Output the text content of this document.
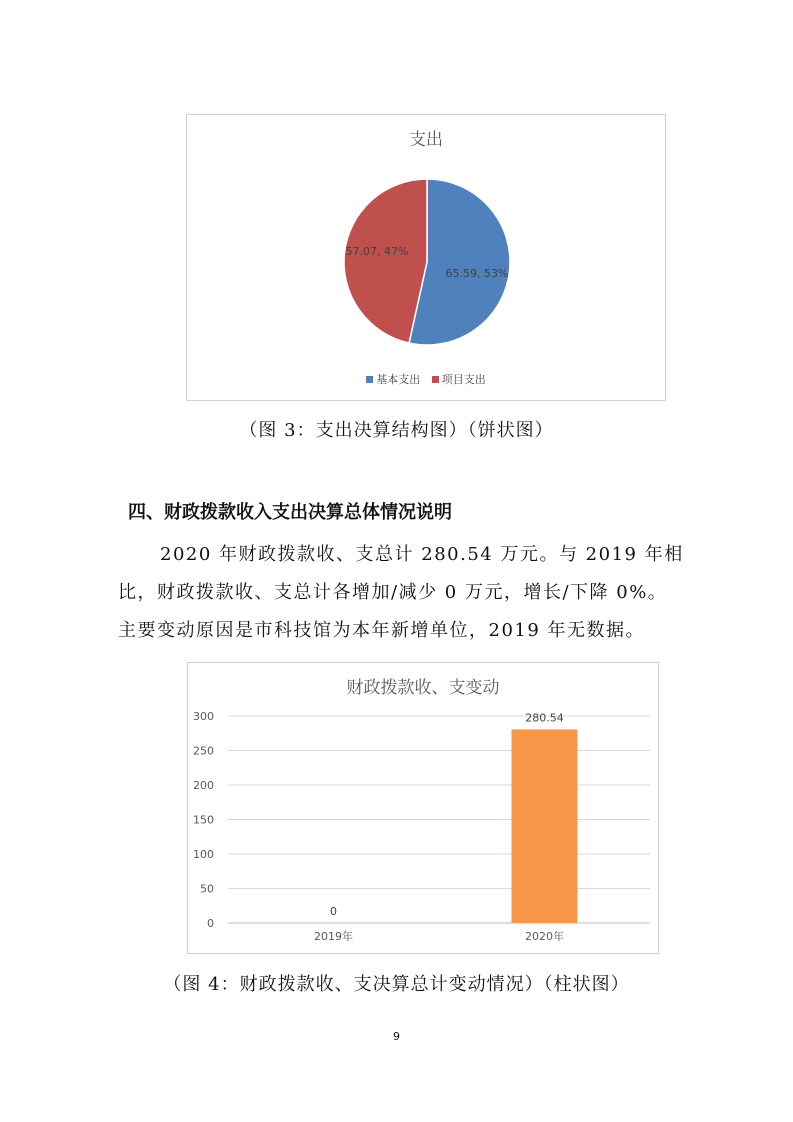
支出
65.59, 53%
57.07, 47%
基本支出 项目支出
（图 3：支出决算结构图）（饼状图）
四、财政拨款收入支出决算总体情况说明
2020 年财政拨款收、支总计 280.54 万元。与 2019 年相
比，财政拨款收、支总计各增加/减少 0 万元，增长/下降 0%。
主要变动原因是市科技馆为本年新增单位，2019 年无数据。
财政拨款收、支变动
0
50
100
150
200
250
300
0
2019年
280.54
2020年
（图 4：财政拨款收、支决算总计变动情况）（柱状图）
9
